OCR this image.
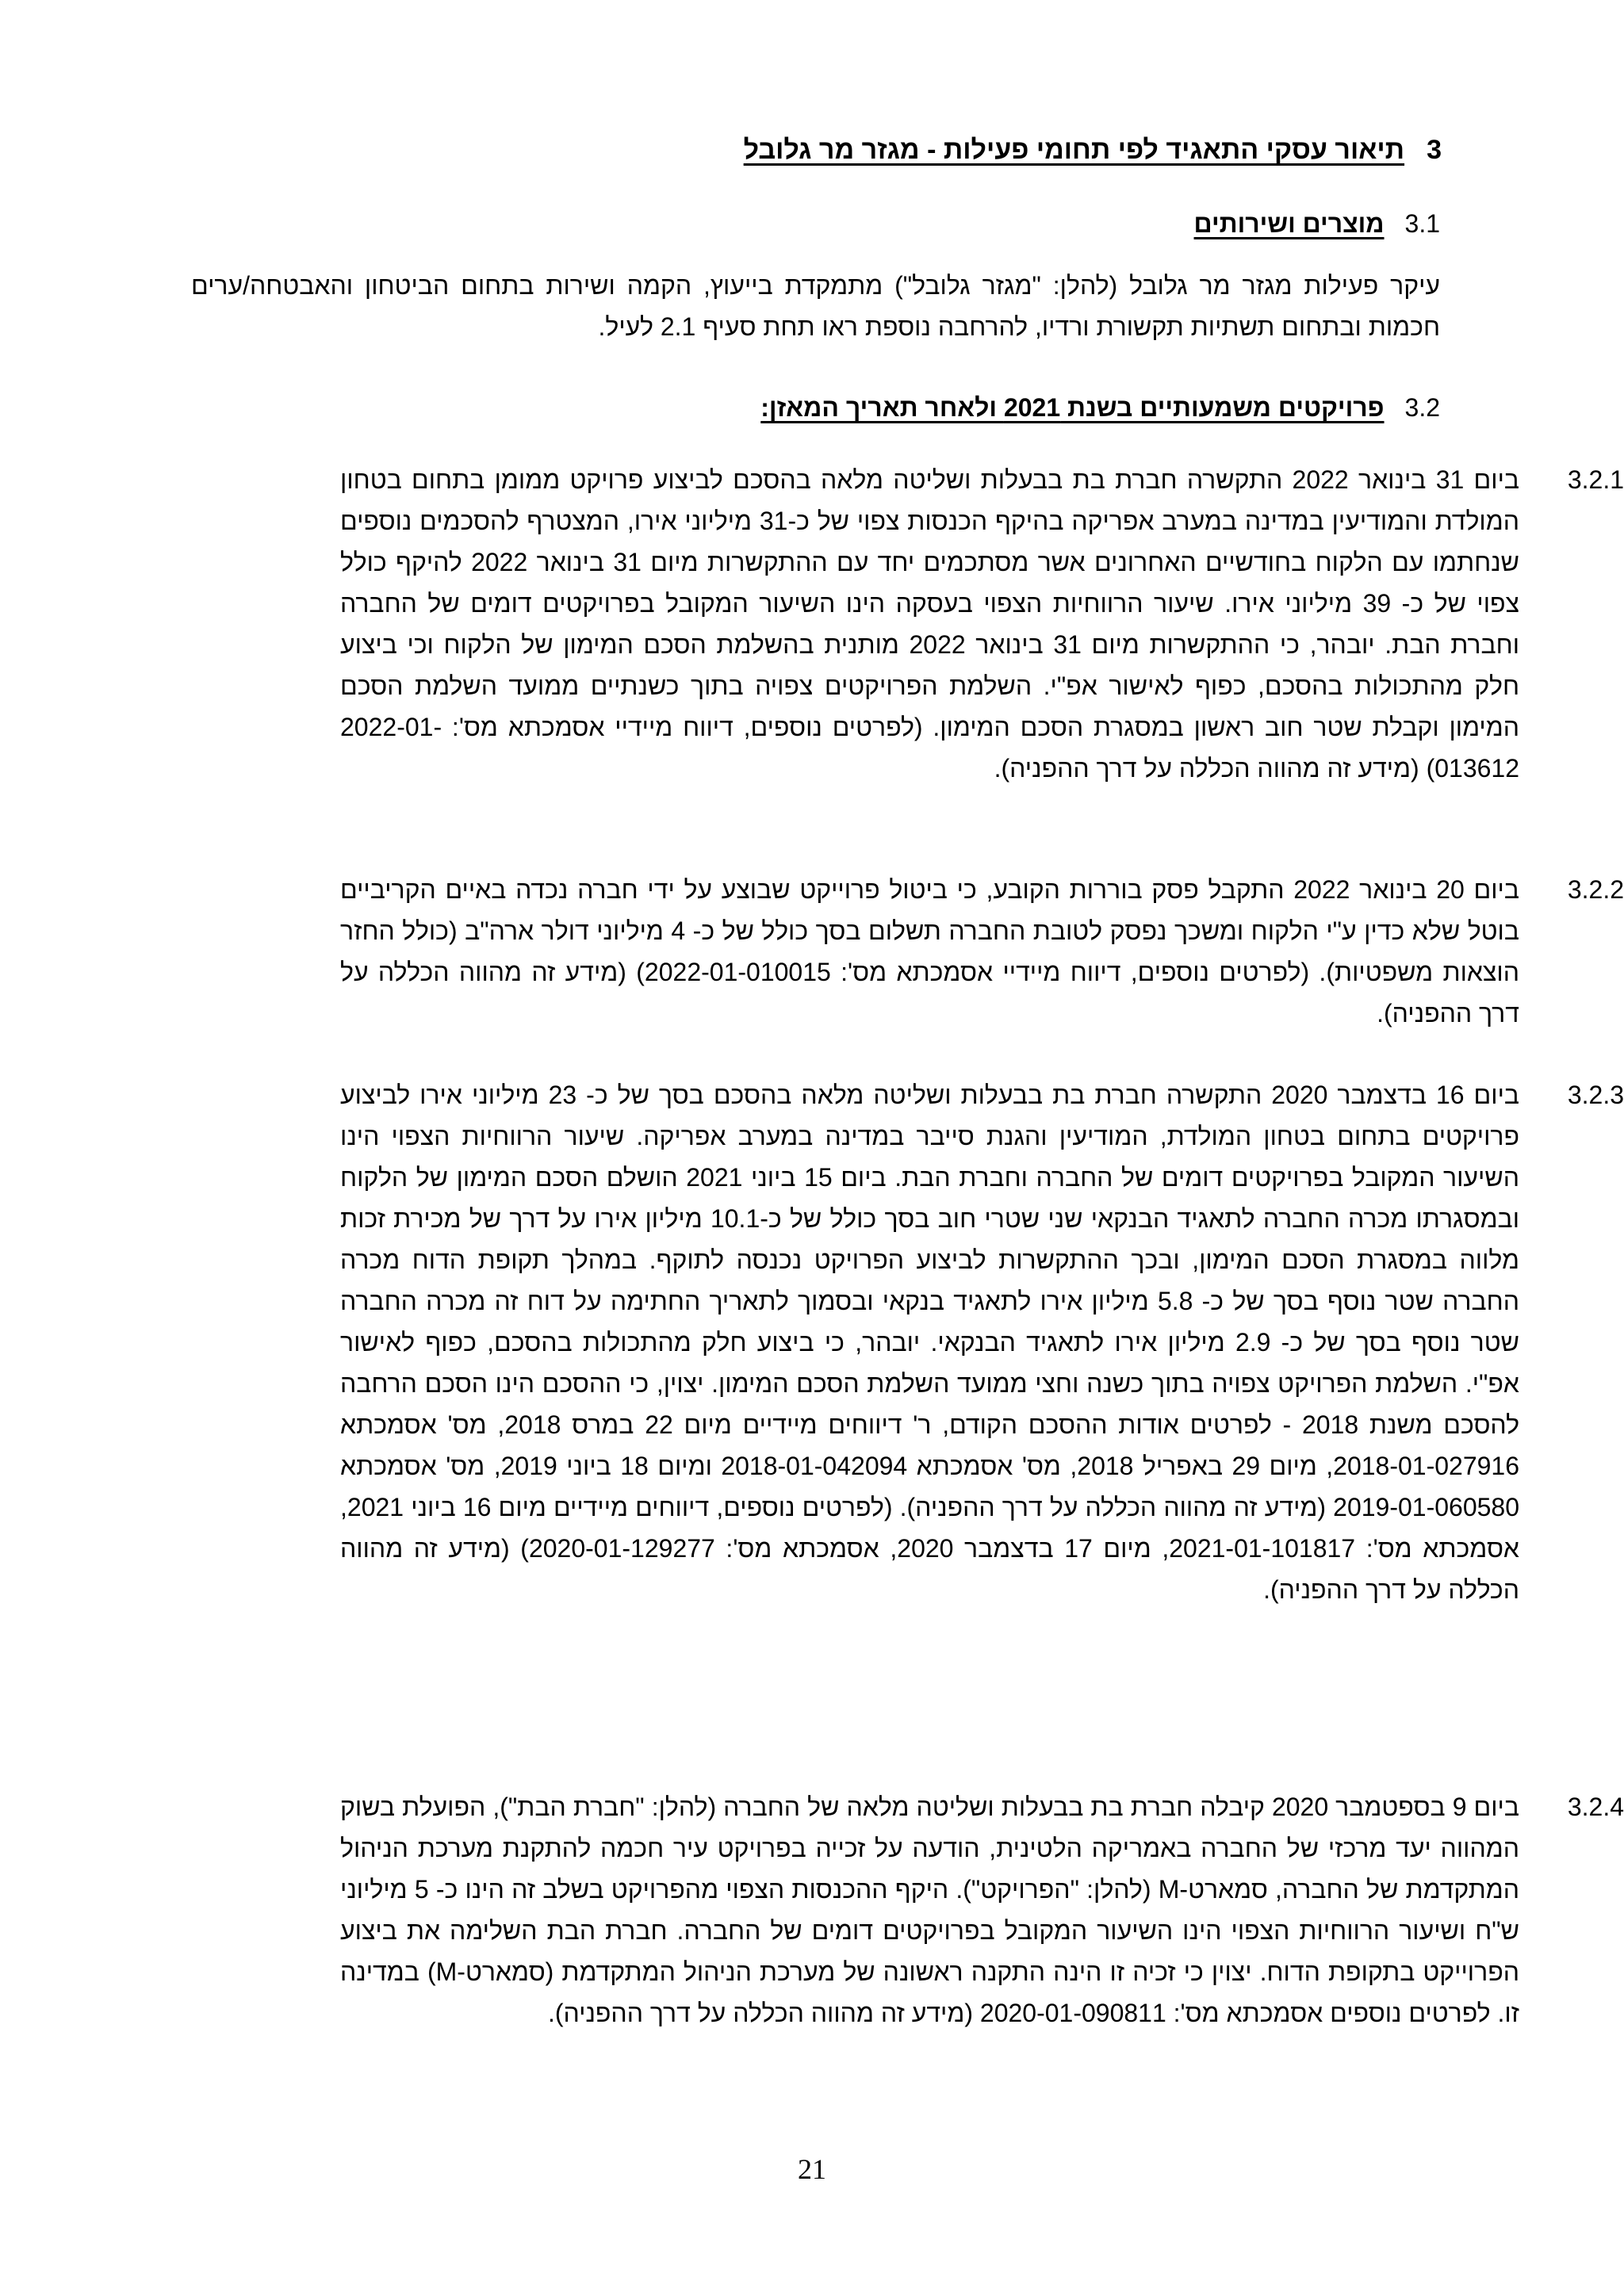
3
תיאור עסקי התאגיד לפי תחומי פעילות - מגזר מר גלובל
3.1
מוצרים ושירותים
עיקר פעילות מגזר מר גלובל (להלן: "מגזר גלובל") מתמקדת בייעוץ, הקמה ושירות בתחום הביטחון והאבטחה/ערים חכמות ובתחום תשתיות תקשורת ורדיו, להרחבה נוספת ראו תחת סעיף 2.1 לעיל.
3.2
פרויקטים משמעותיים בשנת 2021 ולאחר תאריך המאזן:
3.2.1
ביום 31 בינואר 2022 התקשרה חברת בת בבעלות ושליטה מלאה בהסכם לביצוע פרויקט ממומן בתחום בטחון המולדת והמודיעין במדינה במערב אפריקה בהיקף הכנסות צפוי של כ-31 מיליוני אירו, המצטרף להסכמים נוספים שנחתמו עם הלקוח בחודשיים האחרונים אשר מסתכמים יחד עם ההתקשרות מיום 31 בינואר 2022 להיקף כולל צפוי של כ- 39 מיליוני אירו. שיעור הרווחיות הצפוי בעסקה הינו השיעור המקובל בפרויקטים דומים של החברה וחברת הבת. יובהר, כי ההתקשרות מיום 31 בינואר 2022 מותנית בהשלמת הסכם המימון של הלקוח וכי ביצוע חלק מהתכולות בהסכם, כפוף לאישור אפ"י. השלמת הפרויקטים צפויה בתוך כשנתיים ממועד השלמת הסכם המימון וקבלת שטר חוב ראשון במסגרת הסכם המימון. (לפרטים נוספים, דיווח מיידיי אסמכתא מס': 2022-01-013612) (מידע זה מהווה הכללה על דרך ההפניה).
3.2.2
ביום 20 בינואר 2022 התקבל פסק בוררות הקובע, כי ביטול פרוייקט שבוצע על ידי חברה נכדה באיים הקריביים בוטל שלא כדין ע"י הלקוח ומשכך נפסק לטובת החברה תשלום בסך כולל של כ- 4 מיליוני דולר ארה"ב (כולל החזר הוצאות משפטיות). (לפרטים נוספים, דיווח מיידיי אסמכתא מס': 2022-01-010015) (מידע זה מהווה הכללה על דרך ההפניה).
3.2.3
ביום 16 בדצמבר 2020 התקשרה חברת בת בבעלות ושליטה מלאה בהסכם בסך של כ- 23 מיליוני אירו לביצוע פרויקטים בתחום בטחון המולדת, המודיעין והגנת סייבר במדינה במערב אפריקה. שיעור הרווחיות הצפוי הינו השיעור המקובל בפרויקטים דומים של החברה וחברת הבת. ביום 15 ביוני 2021 הושלם הסכם המימון של הלקוח ובמסגרתו מכרה החברה לתאגיד הבנקאי שני שטרי חוב בסך כולל של כ-10.1 מיליון אירו על דרך של מכירת זכות מלווה במסגרת הסכם המימון, ובכך ההתקשרות לביצוע הפרויקט נכנסה לתוקף. במהלך תקופת הדוח מכרה החברה שטר נוסף בסך של כ- 5.8 מיליון אירו לתאגיד בנקאי ובסמוך לתאריך החתימה על דוח זה מכרה החברה שטר נוסף בסך של כ- 2.9 מיליון אירו לתאגיד הבנקאי. יובהר, כי ביצוע חלק מהתכולות בהסכם, כפוף לאישור אפ"י. השלמת הפרויקט צפויה בתוך כשנה וחצי ממועד השלמת הסכם המימון. יצוין, כי ההסכם הינו הסכם הרחבה להסכם משנת 2018 - לפרטים אודות ההסכם הקודם, ר' דיווחים מיידיים מיום 22 במרס 2018, מס' אסמכתא 2018-01-027916, מיום 29 באפריל 2018, מס' אסמכתא 2018-01-042094 ומיום 18 ביוני 2019, מס' אסמכתא 2019-01-060580 (מידע זה מהווה הכללה על דרך ההפניה). (לפרטים נוספים, דיווחים מיידיים מיום 16 ביוני 2021, אסמכתא מס': 2021-01-101817, מיום 17 בדצמבר 2020, אסמכתא מס': 2020-01-129277) (מידע זה מהווה הכללה על דרך ההפניה).
3.2.4
ביום 9 בספטמבר 2020 קיבלה חברת בת בבעלות ושליטה מלאה של החברה (להלן: "חברת הבת"), הפועלת בשוק המהווה יעד מרכזי של החברה באמריקה הלטינית, הודעה על זכייה בפרויקט עיר חכמה להתקנת מערכת הניהול המתקדמת של החברה, סמארט-M (להלן: "הפרויקט"). היקף ההכנסות הצפוי מהפרויקט בשלב זה הינו כ- 5 מיליוני ש"ח ושיעור הרווחיות הצפוי הינו השיעור המקובל בפרויקטים דומים של החברה. חברת הבת השלימה את ביצוע הפרוייקט בתקופת הדוח. יצוין כי זכיה זו הינה התקנה ראשונה של מערכת הניהול המתקדמת (סמארט-M) במדינה זו. לפרטים נוספים אסמכתא מס': 2020-01-090811 (מידע זה מהווה הכללה על דרך ההפניה).
21
